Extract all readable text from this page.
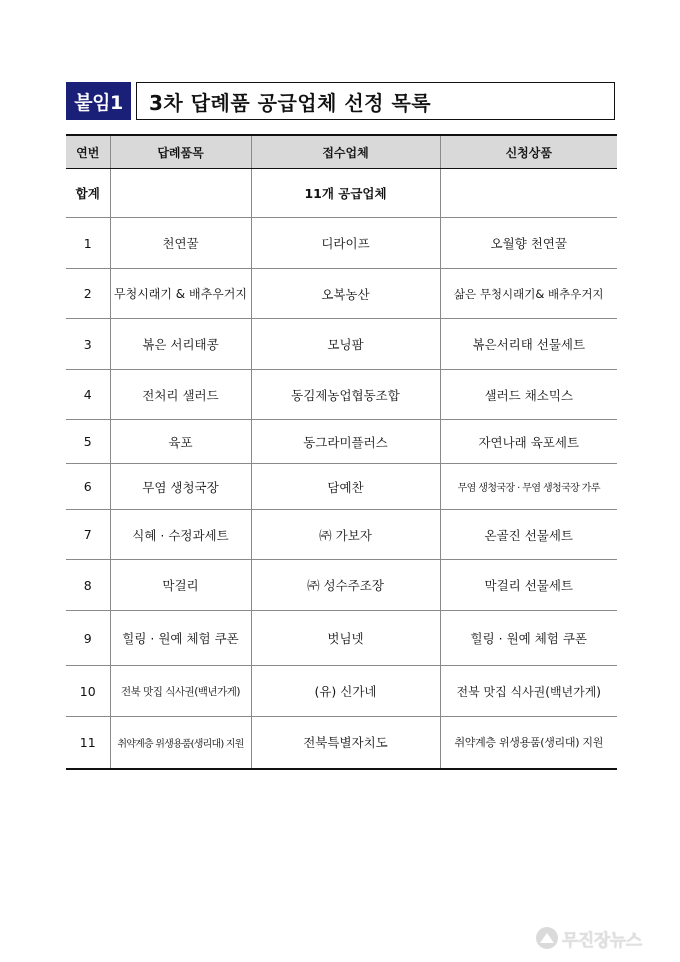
붙임1	3차 답례품 공급업체 선정 목록
연번	답례품목	접수업체	신청상품
합계		11개 공급업체	
1	천연꿀	디라이프	오월향 천연꿀
2	무청시래기 & 배추우거지	오복농산	삶은 무청시래기& 배추우거지
3	볶은 서리태콩	모닝팜	볶은서리태 선물세트
4	전처리 샐러드	동김제농업협동조합	샐러드 채소믹스
5	육포	동그라미플러스	자연나래 육포세트
6	무염 생청국장	담예찬	무염 생청국장 · 무염 생청국장 가루
7	식혜 · 수정과세트	㈜ 가보자	온골진 선물세트
8	막걸리	㈜ 성수주조장	막걸리 선물세트
9	힐링 · 원예 체험 쿠폰	벗님넷	힐링 · 원예 체험 쿠폰
10	전북 맛집 식사권(백년가게)	(유) 신가네	전북 맛집 식사권(백년가게)
11	취약계층 위생용품(생리대) 지원	전북특별자치도	취약계층 위생용품(생리대) 지원
무진장뉴스
